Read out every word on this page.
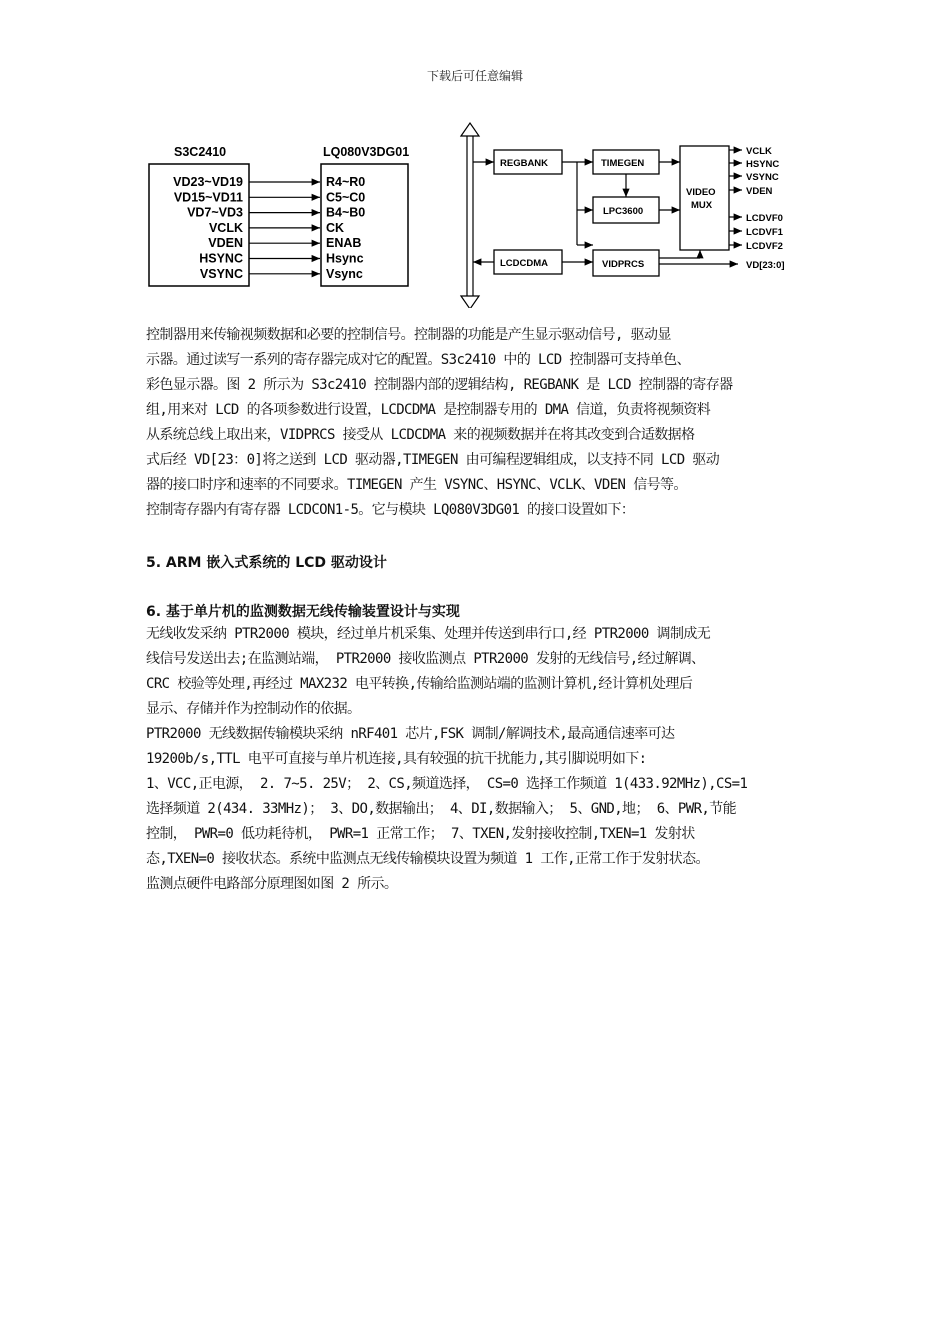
下载后可任意编辑
S3C2410	LQ080V3DG01
VD23~VD19	R4~R0
VD15~VD11	C5~C0
VD7~VD3	B4~B0
VCLK	CK
VDEN	ENAB
HSYNC	Hsync
VSYNC	Vsync
REGBANK
LCDCDMA
TIMEGEN
LPC3600
VIDPRCS
VIDEO
MUX
VCLK
HSYNC
VSYNC
VDEN
LCDVF0
LCDVF1
LCDVF2
VD[23:0]

控制器用来传输视频数据和必要的控制信号。控制器的功能是产生显示驱动信号, 驱动显
示器。通过读写一系列的寄存器完成对它的配置。S3c2410 中的 LCD 控制器可支持单色、
彩色显示器。图 2 所示为 S3c2410 控制器内部的逻辑结构, REGBANK 是 LCD 控制器的寄存器
组,用来对 LCD 的各项参数进行设置，LCDCDMA 是控制器专用的 DMA 信道，负责将视频资料
从系统总线上取出来，VIDPRCS 接受从 LCDCDMA 来的视频数据并在将其改变到合适数据格
式后经 VD[23：0]将之送到 LCD 驱动器,TIMEGEN 由可编程逻辑组成，以支持不同 LCD 驱动
器的接口时序和速率的不同要求。TIMEGEN 产生 VSYNC、HSYNC、VCLK、VDEN 信号等。
控制寄存器内有寄存器 LCDCON1-5。它与模块 LQ080V3DG01 的接口设置如下：

5. ARM 嵌入式系统的 LCD 驱动设计

6. 基于单片机的监测数据无线传输装置设计与实现

无线收发采纳 PTR2000 模块，经过单片机采集、处理并传送到串行口,经 PTR2000 调制成无
线信号发送出去;在监测站端， PTR2000 接收监测点 PTR2000 发射的无线信号,经过解调、
CRC 校验等处理,再经过 MAX232 电平转换,传输给监测站端的监测计算机,经计算机处理后
显示、存储并作为控制动作的依据。
PTR2000 无线数据传输模块采纳 nRF401 芯片,FSK 调制/解调技术,最高通信速率可达
19200b/s,TTL 电平可直接与单片机连接,具有较强的抗干扰能力,其引脚说明如下:
1、VCC,正电源， 2. 7~5. 25V； 2、CS,频道选择， CS=0 选择工作频道 1(433.92MHz),CS=1
选择频道 2(434. 33MHz)； 3、DO,数据输出； 4、DI,数据输入； 5、GND,地； 6、PWR,节能
控制， PWR=0 低功耗待机， PWR=1 正常工作； 7、TXEN,发射接收控制,TXEN=1 发射状
态,TXEN=0 接收状态。系统中监测点无线传输模块设置为频道 1 工作,正常工作于发射状态。
监测点硬件电路部分原理图如图 2 所示。
